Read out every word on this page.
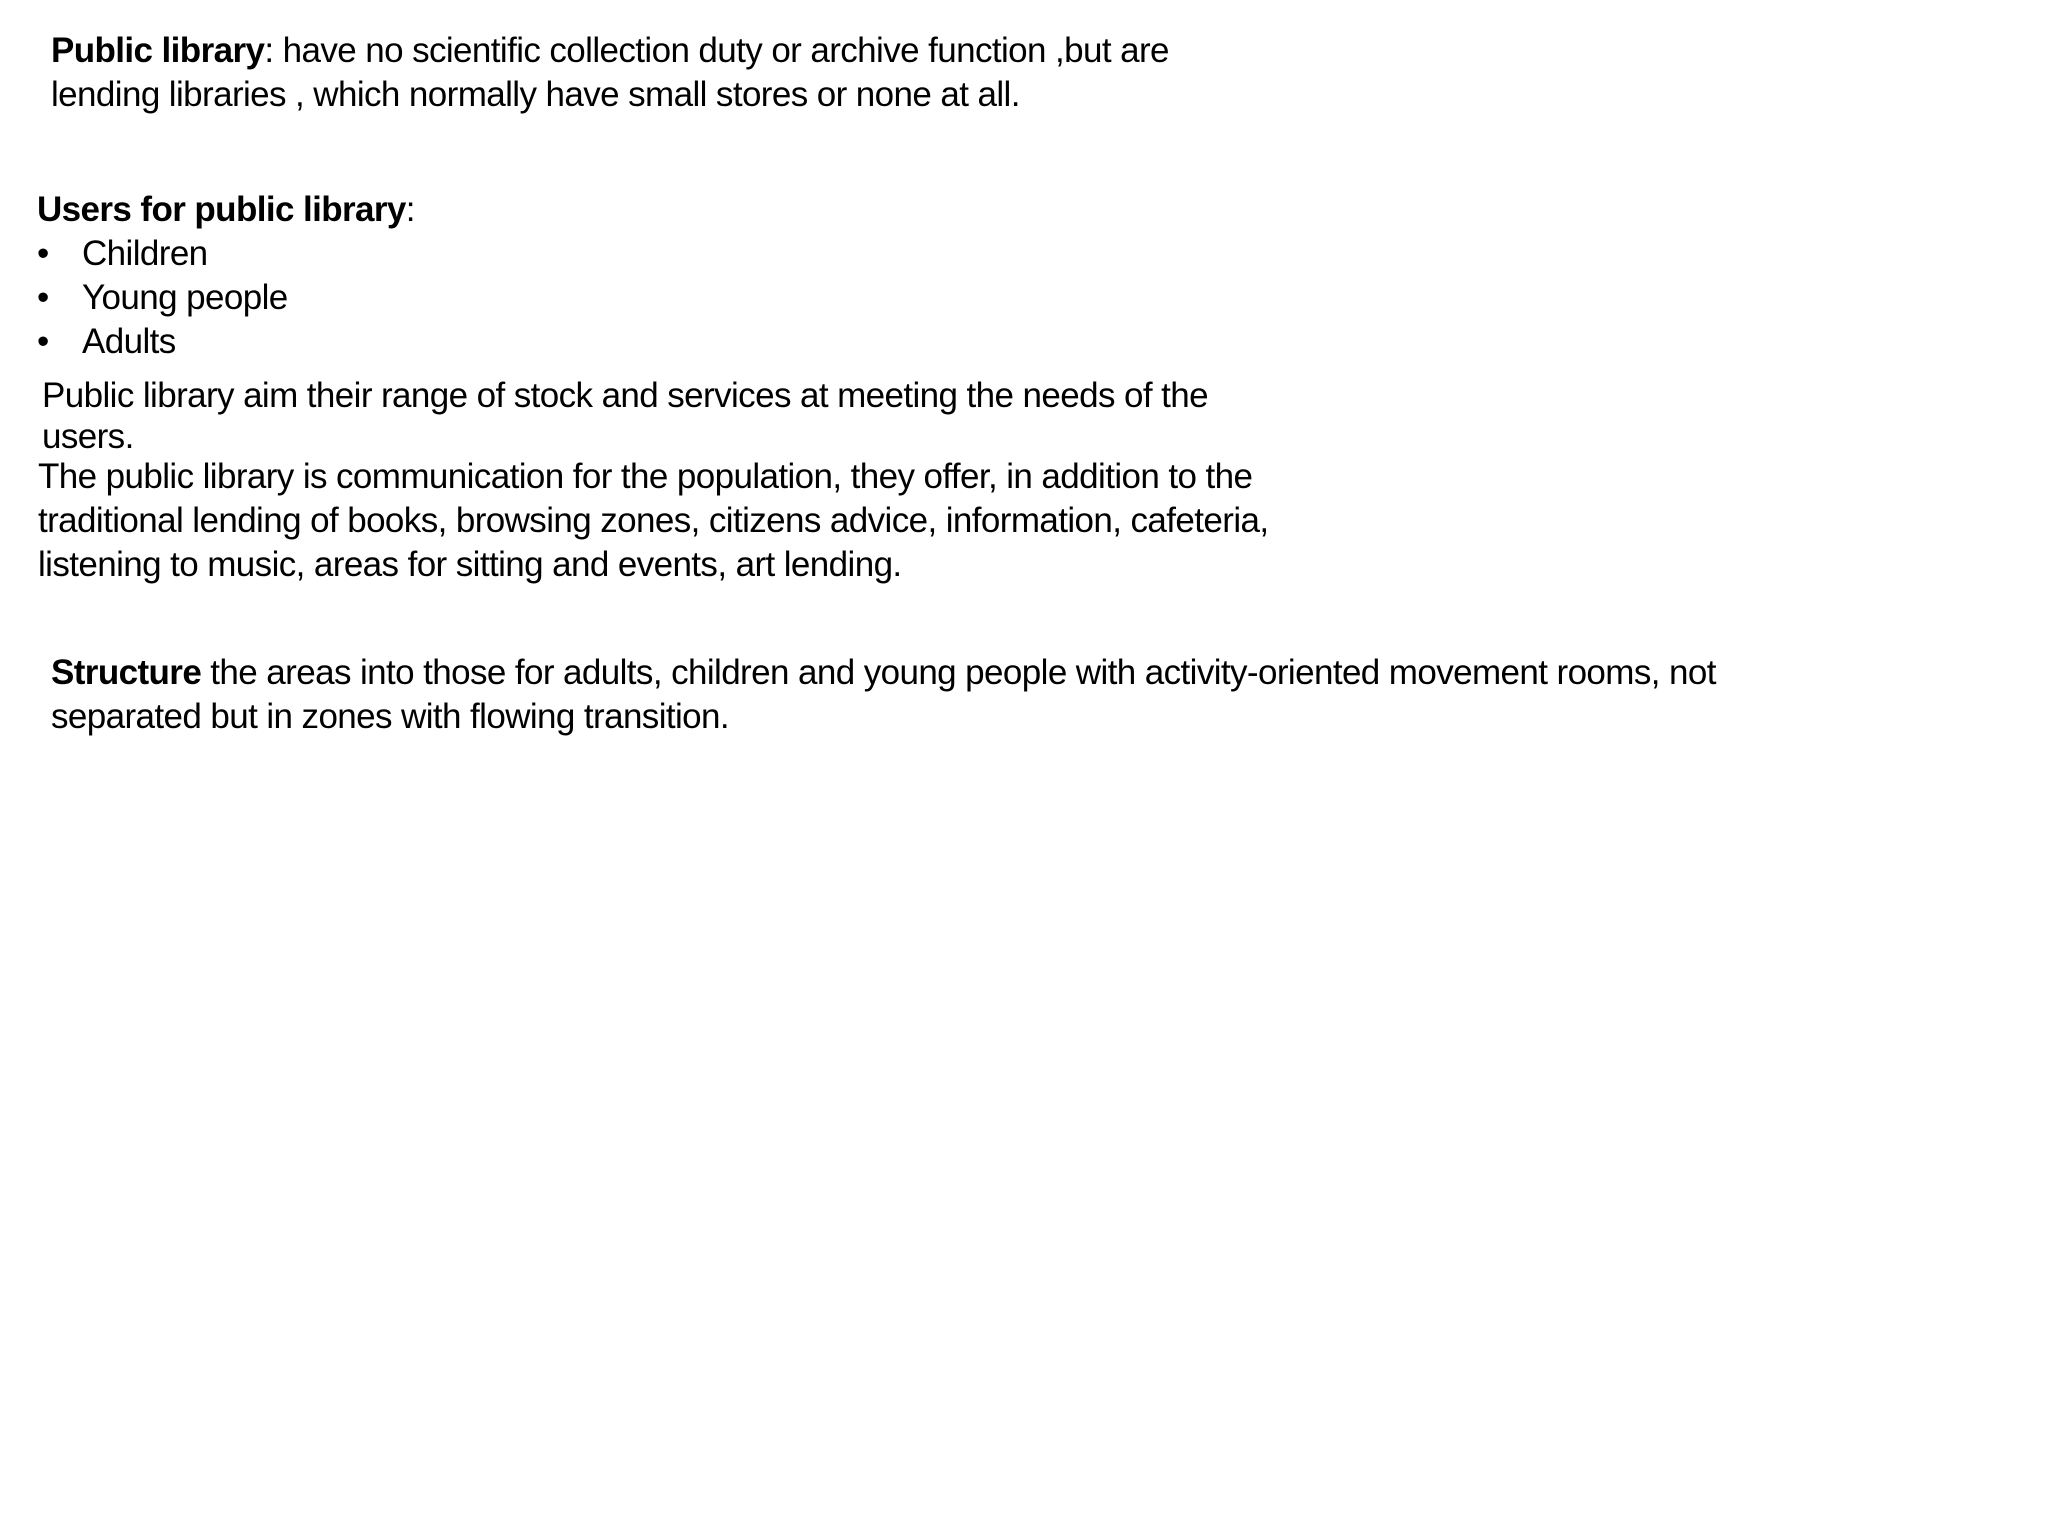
Public library: have no scientific collection duty or archive function ,but are
lending libraries , which normally have small stores or none at all.
Users for public library:
• Children
• Young people
• Adults
Public library aim their range of stock and services at meeting the needs of the
users.
The public library is communication for the population, they offer, in addition to the
traditional lending of books, browsing zones, citizens advice, information, cafeteria,
listening to music, areas for sitting and events, art lending.
Structure the areas into those for adults, children and young people with activity-oriented movement rooms, not
separated but in zones with flowing transition.
